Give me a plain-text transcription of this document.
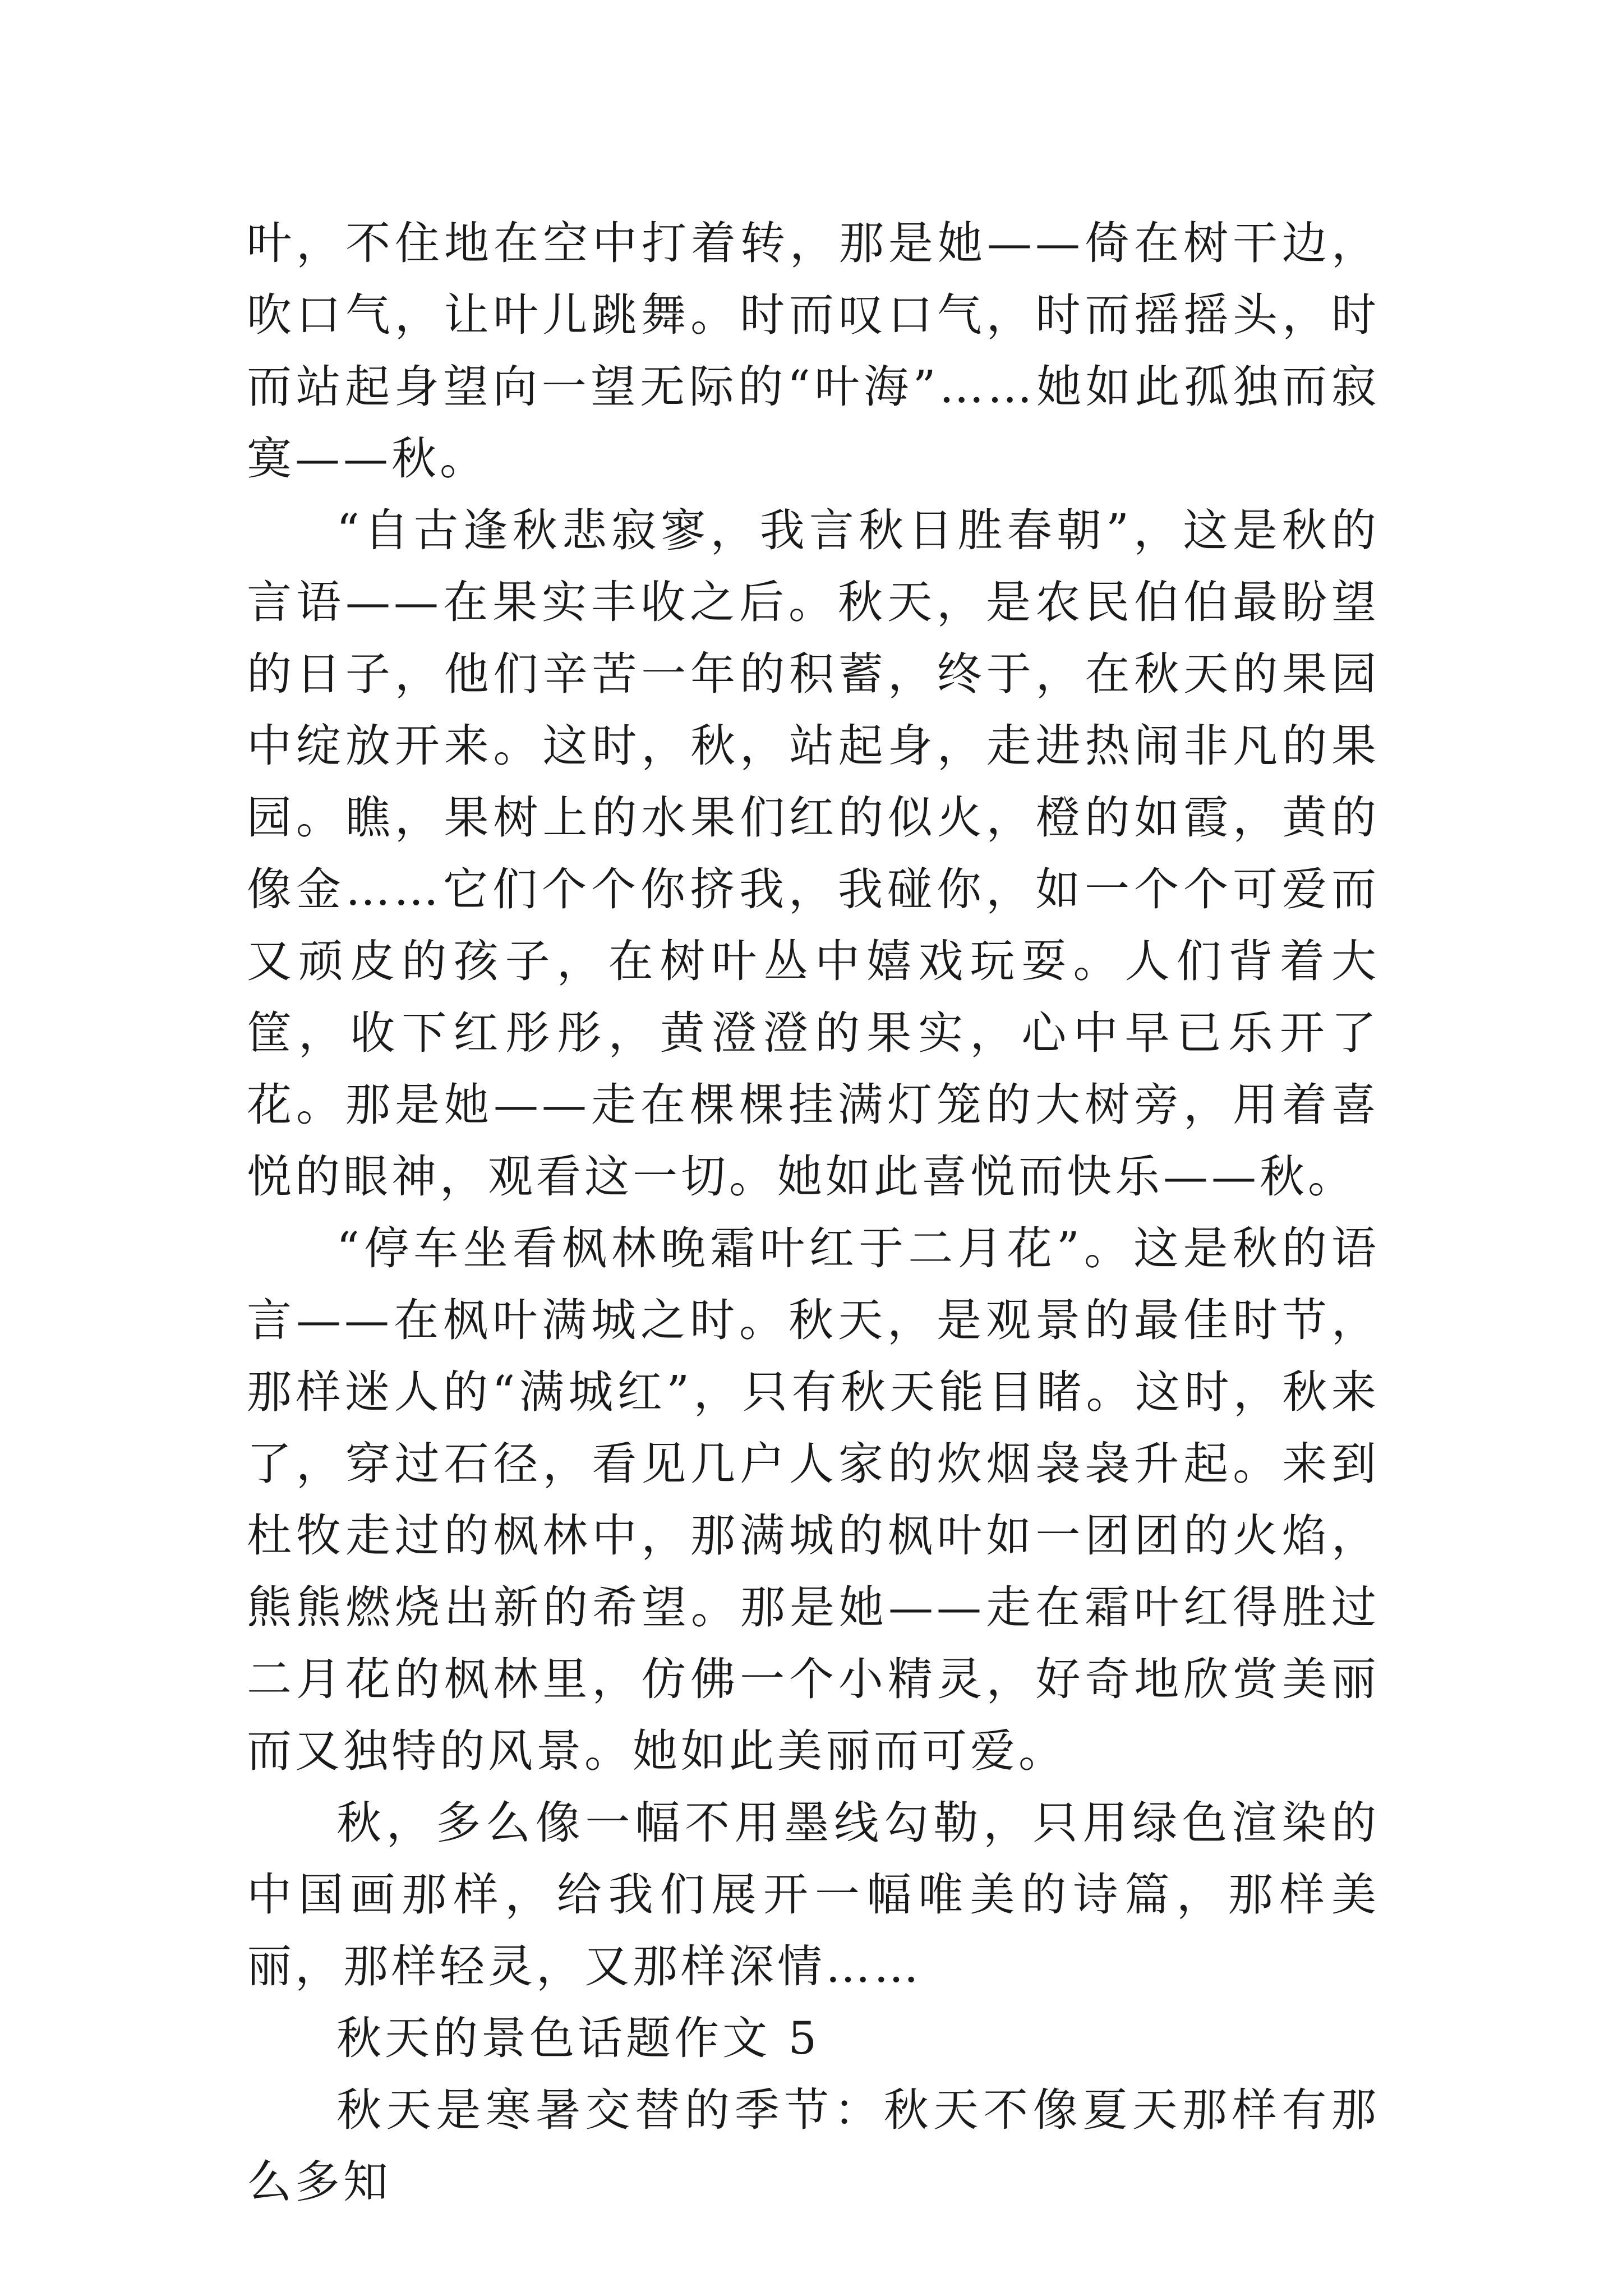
叶，不住地在空中打着转，那是她——倚在树干边，吹口气，让叶儿跳舞。时而叹口气，时而摇摇头，时而站起身望向一望无际的“叶海”……她如此孤独而寂寞——秋。

“自古逢秋悲寂寥，我言秋日胜春朝”，这是秋的言语——在果实丰收之后。秋天，是农民伯伯最盼望的日子，他们辛苦一年的积蓄，终于，在秋天的果园中绽放开来。这时，秋，站起身，走进热闹非凡的果园。瞧，果树上的水果们红的似火，橙的如霞，黄的像金……它们个个你挤我，我碰你，如一个个可爱而又顽皮的孩子，在树叶丛中嬉戏玩耍。人们背着大筐，收下红彤彤，黄澄澄的果实，心中早已乐开了花。那是她——走在棵棵挂满灯笼的大树旁，用着喜悦的眼神，观看这一切。她如此喜悦而快乐——秋。

“停车坐看枫林晚霜叶红于二月花”。这是秋的语言——在枫叶满城之时。秋天，是观景的最佳时节，那样迷人的“满城红”，只有秋天能目睹。这时，秋来了，穿过石径，看见几户人家的炊烟袅袅升起。来到杜牧走过的枫林中，那满城的枫叶如一团团的火焰，熊熊燃烧出新的希望。那是她——走在霜叶红得胜过二月花的枫林里，仿佛一个小精灵，好奇地欣赏美丽而又独特的风景。她如此美丽而可爱。

秋，多么像一幅不用墨线勾勒，只用绿色渲染的中国画那样，给我们展开一幅唯美的诗篇，那样美丽，那样轻灵，又那样深情……

秋天的景色话题作文 5

秋天是寒暑交替的季节：秋天不像夏天那样有那么多知
